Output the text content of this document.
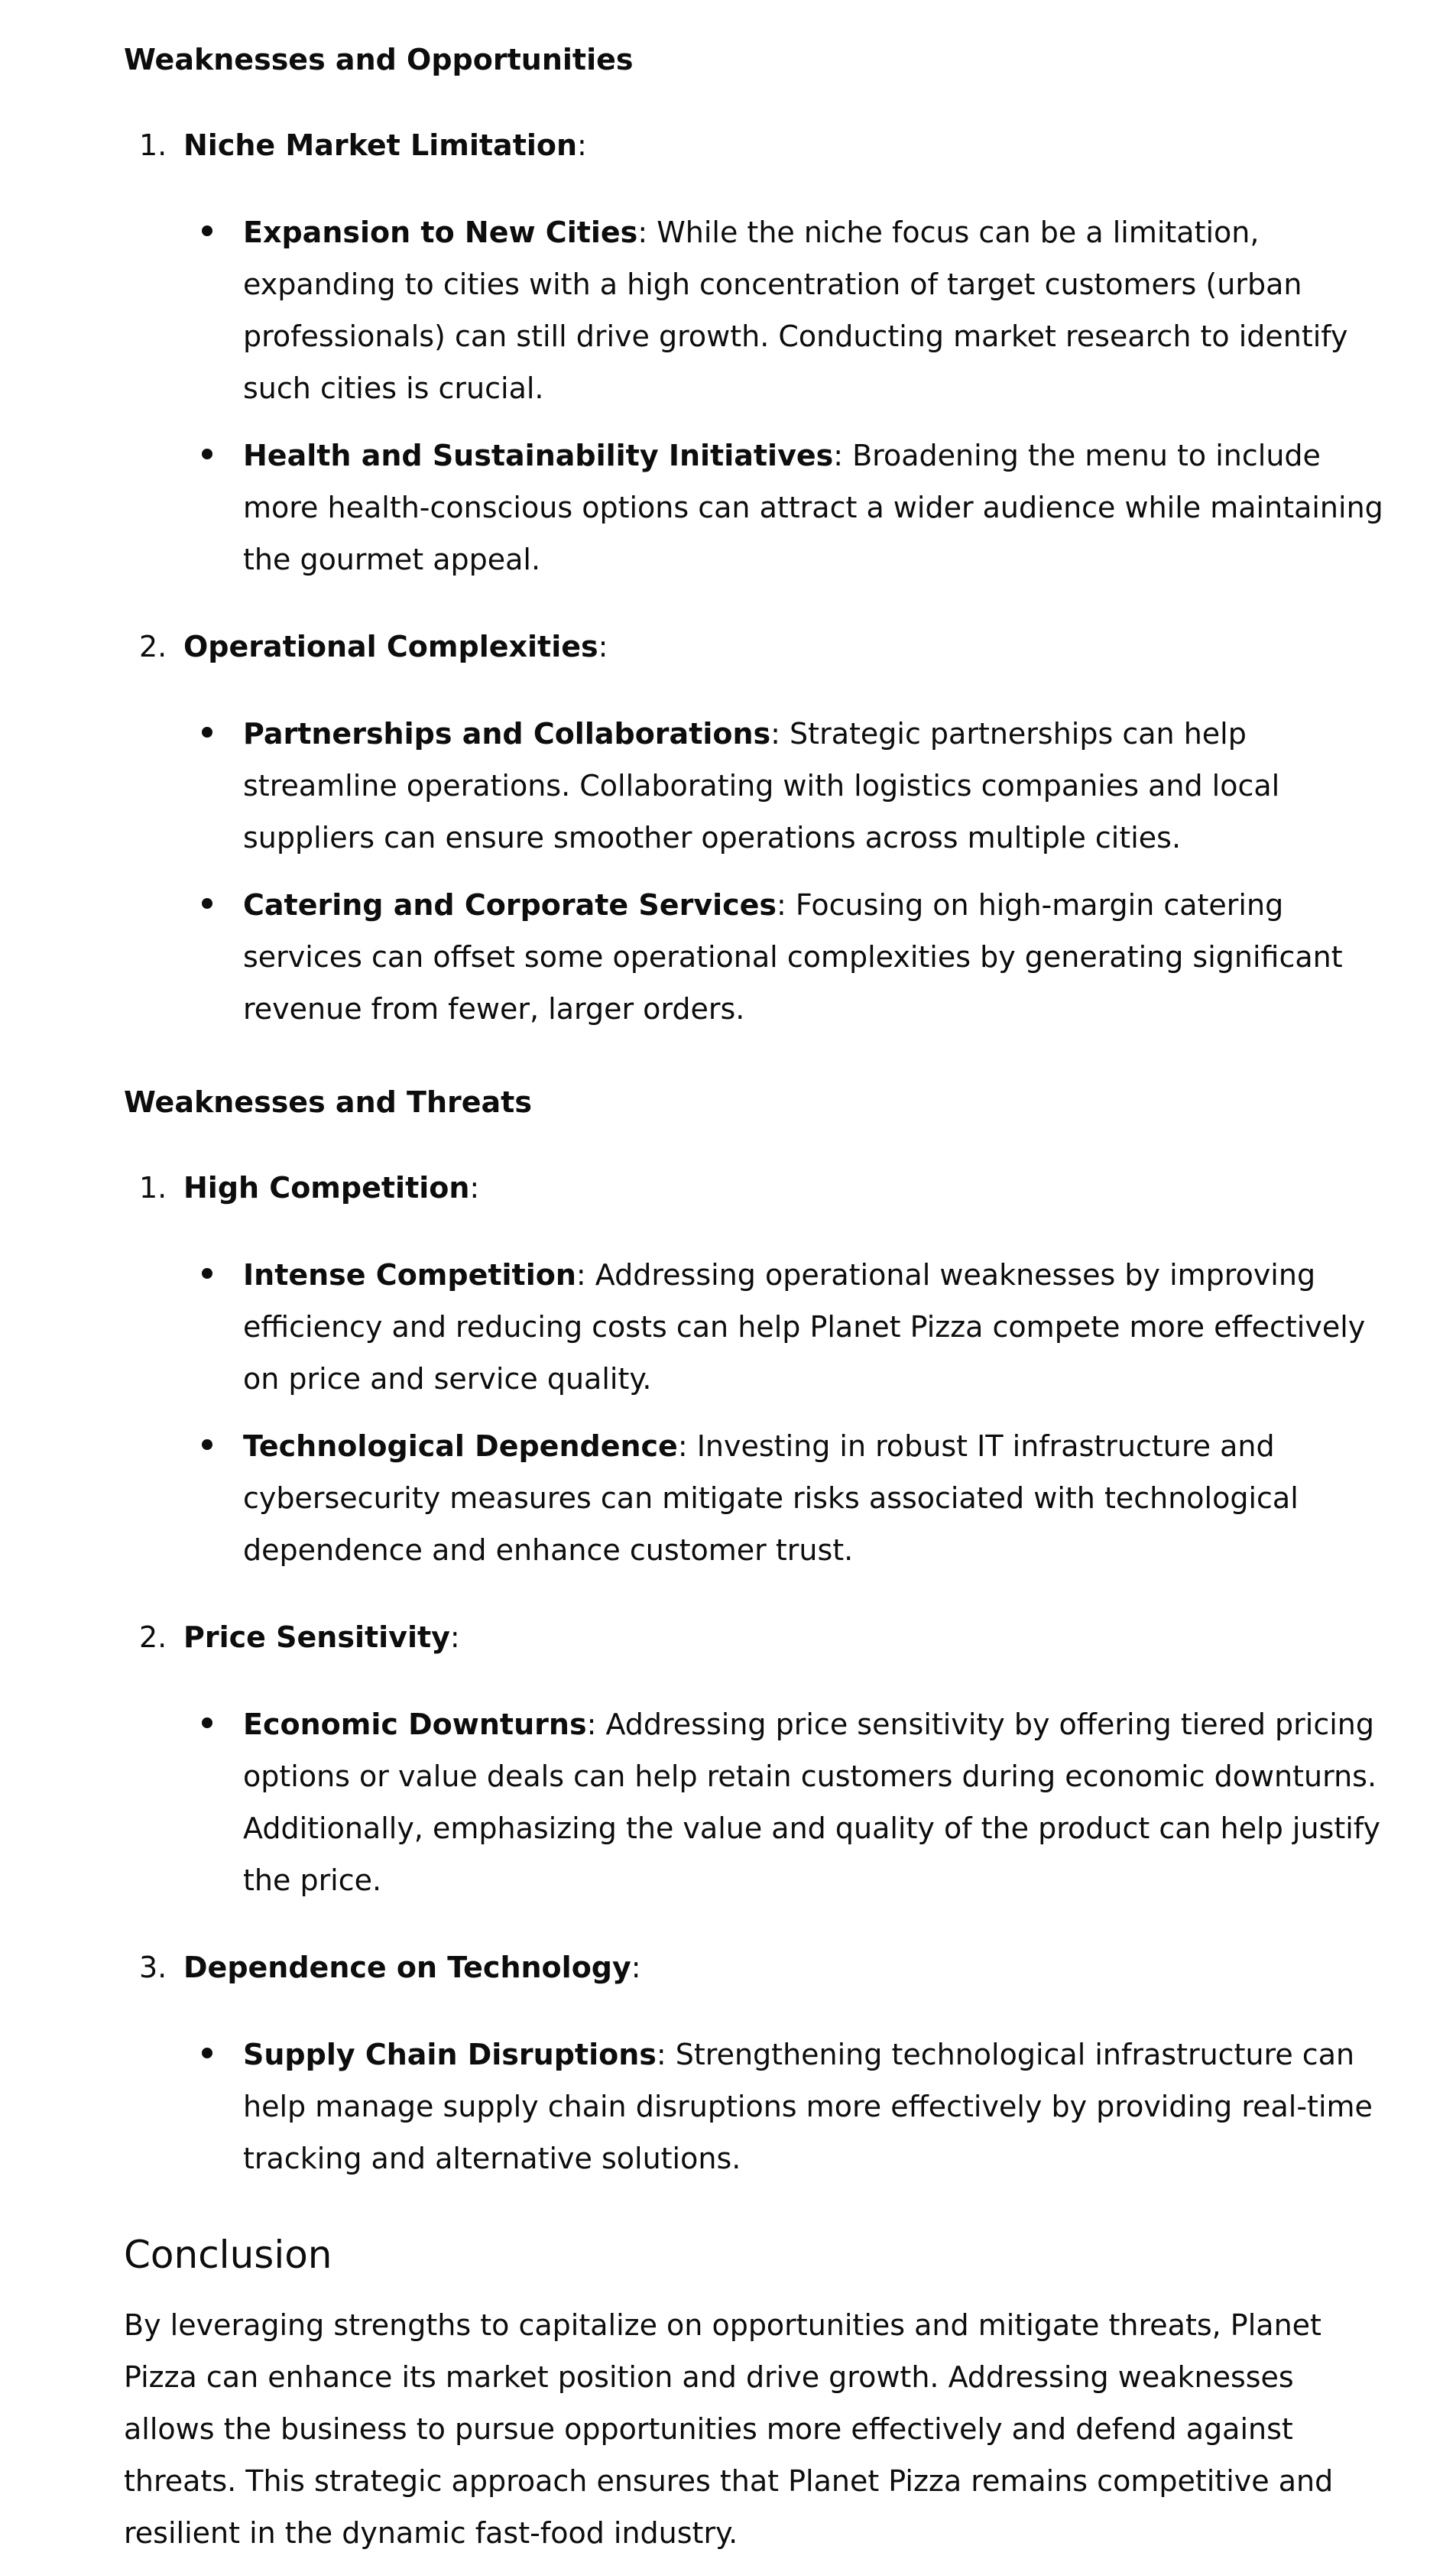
Weaknesses and Opportunities
1. Niche Market Limitation:

Expansion to New Cities: While the niche focus can be a limitation, expanding to cities with a high concentration of target customers (urban professionals) can still drive growth. Conducting market research to identify such cities is crucial.
Health and Sustainability Initiatives: Broadening the menu to include more health-conscious options can attract a wider audience while maintaining the gourmet appeal.
2. Operational Complexities:

Partnerships and Collaborations: Strategic partnerships can help streamline operations. Collaborating with logistics companies and local suppliers can ensure smoother operations across multiple cities.
Catering and Corporate Services: Focusing on high-margin catering services can offset some operational complexities by generating significant revenue from fewer, larger orders.
Weaknesses and Threats
1. High Competition:

Intense Competition: Addressing operational weaknesses by improving efficiency and reducing costs can help Planet Pizza compete more effectively on price and service quality.
Technological Dependence: Investing in robust IT infrastructure and cybersecurity measures can mitigate risks associated with technological dependence and enhance customer trust.
2. Price Sensitivity:

Economic Downturns: Addressing price sensitivity by offering tiered pricing options or value deals can help retain customers during economic downturns. Additionally, emphasizing the value and quality of the product can help justify the price.
3. Dependence on Technology:

Supply Chain Disruptions: Strengthening technological infrastructure can help manage supply chain disruptions more effectively by providing real-time tracking and alternative solutions.
Conclusion

By leveraging strengths to capitalize on opportunities and mitigate threats, Planet Pizza can enhance its market position and drive growth. Addressing weaknesses allows the business to pursue opportunities more effectively and defend against threats. This strategic approach ensures that Planet Pizza remains competitive and resilient in the dynamic fast-food industry.
